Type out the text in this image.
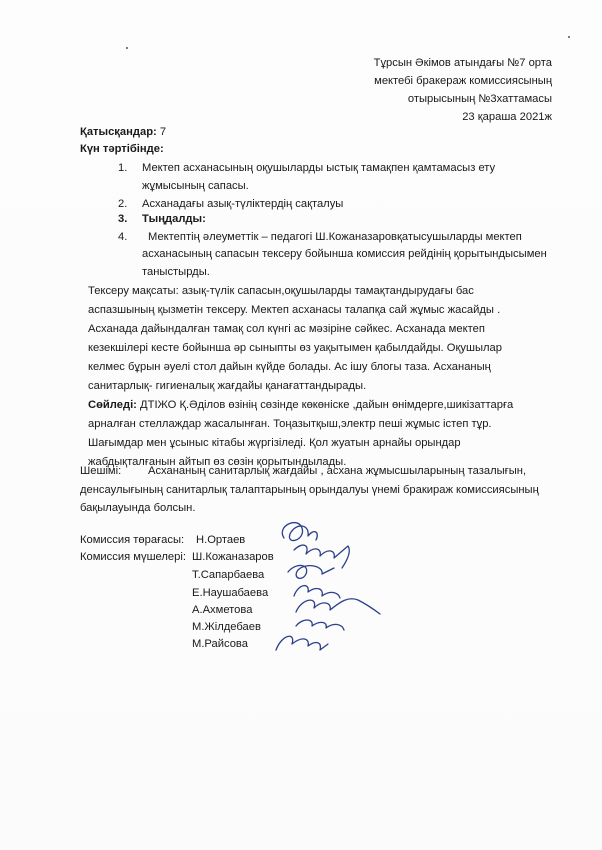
Тұрсын Әкімов атындағы №7 орта
мектебі бракераж комиссиясының
отырысының №3хаттамасы
23 қараша 2021ж
Қатысқандар: 7
Күн тәртібінде:
1. Мектеп асханасының оқушыларды ыстық тамақпен қамтамасыз ету
жұмысының сапасы.
2. Асханадағы азық-түліктердің сақталуы
3. Тыңдалды:
4. Мектептің әлеуметтік – педагогі Ш.Кожаназаровқатысушыларды мектеп
асханасының сапасын тексеру бойынша комиссия рейдінің қорытындысымен
таныстырды.
Тексеру мақсаты: азық-түлік сапасын,оқушыларды тамақтандырудағы бас
аспазшының қызметін тексеру. Мектеп асханасы талапқа сай жұмыс жасайды .
Асханада дайындалған тамақ сол күнгі ас мәзіріне сәйкес. Асханада мектеп
кезекшілері кесте бойынша әр сыныпты өз уақытымен қабылдайды. Оқушылар
келмес бұрын әуелі стол дайын күйде болады. Ас ішу блогы таза. Асхананың
санитарлық- гигиеналық жағдайы қанағаттандырады.
Сөйледі: ДТІЖО Қ.Әділов өзінің сөзінде көкөніске ,дайын өнімдерге,шикізаттарға
арналған стеллаждар жасалынған. Тоңазытқыш,электр пеші жұмыс істеп тұр.
Шағымдар мен ұсыныс кітабы жүргізіледі. Қол жуатын арнайы орындар
жабдықталғанын айтып өз сөзін қорытындылады.
Шешімі: Асхананың санитарлық жағдайы , асхана жұмысшыларының тазалығын,
денсаулығының санитарлық талаптарының орындалуы үнемі бракираж комиссиясының
бақылауында болсын.
Комиссия төрағасы: Н.Ортаев
Комиссия мүшелері: Ш.Кожаназаров
Т.Сапарбаева
Е.Наушабаева
А.Ахметова
М.Жілдебаев
М.Райсова
